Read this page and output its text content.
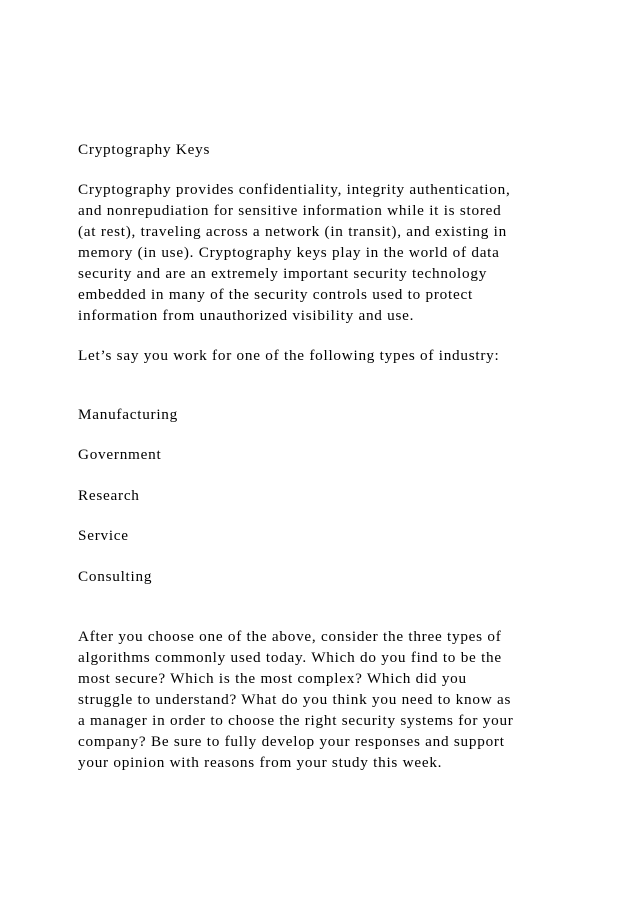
Cryptography Keys
Cryptography provides confidentiality, integrity authentication,
and nonrepudiation for sensitive information while it is stored
(at rest), traveling across a network (in transit), and existing in
memory (in use). Cryptography keys play in the world of data
security and are an extremely important security technology
embedded in many of the security controls used to protect
information from unauthorized visibility and use.
Let’s say you work for one of the following types of industry:
Manufacturing
Government
Research
Service
Consulting
After you choose one of the above, consider the three types of
algorithms commonly used today. Which do you find to be the
most secure? Which is the most complex? Which did you
struggle to understand? What do you think you need to know as
a manager in order to choose the right security systems for your
company? Be sure to fully develop your responses and support
your opinion with reasons from your study this week.
